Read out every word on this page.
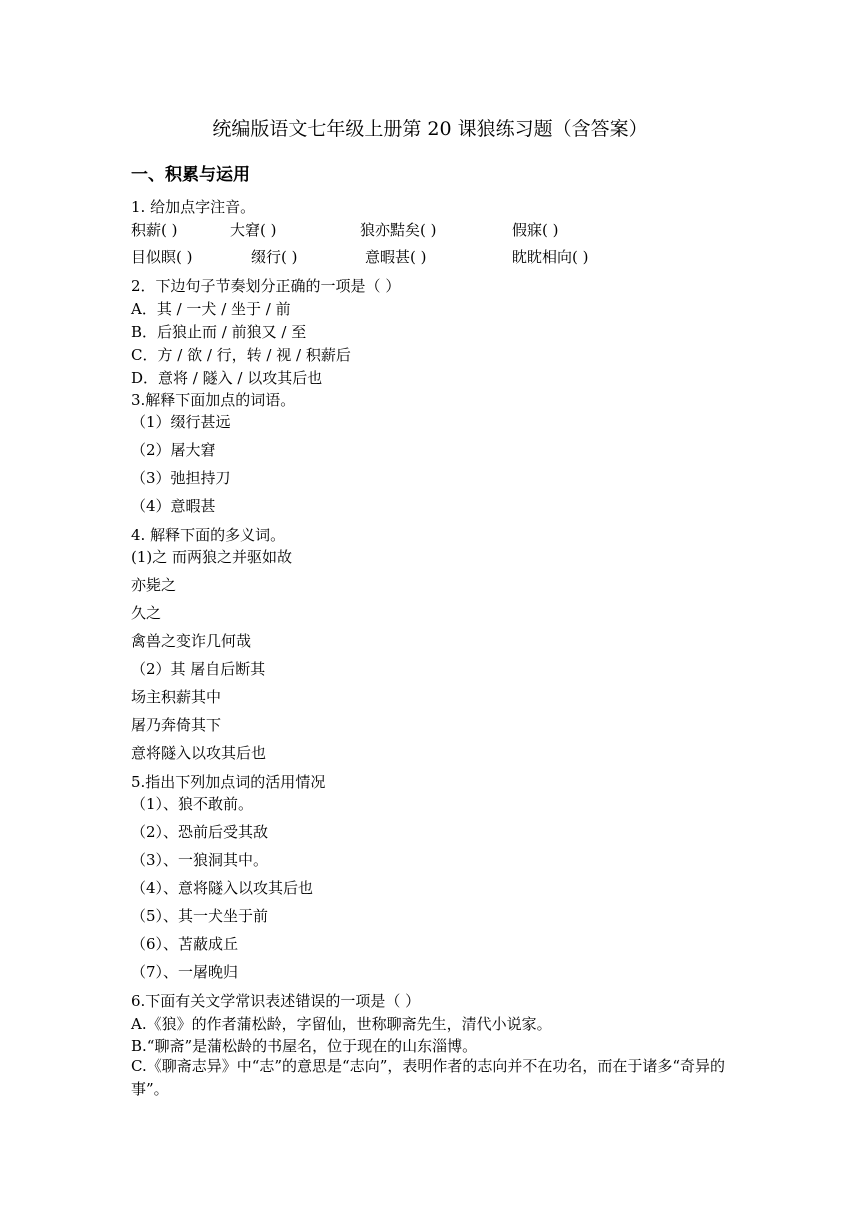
统编版语文七年级上册第 20 课狼练习题（含答案）
一、积累与运用
1. 给加点字注音。
积薪( )	大窘( )	狼亦黠矣( )	假寐( )
目似瞑( )	缀行( )	意暇甚( )	眈眈相向( )
2．下边句子节奏划分正确的一项是（ ）
A．其 / 一犬 / 坐于 / 前
B．后狼止而 / 前狼又 / 至
C．方 / 欲 / 行，转 / 视 / 积薪后
D．意将 / 隧入 / 以攻其后也
3.解释下面加点的词语。
（1）缀行甚远
（2）屠大窘
（3）弛担持刀
（4）意暇甚
4. 解释下面的多义词。
(1)之 而两狼之并驱如故
亦毙之
久之
禽兽之变诈几何哉
（2）其 屠自后断其
场主积薪其中
屠乃奔倚其下
意将隧入以攻其后也
5.指出下列加点词的活用情况
（1）、狼不敢前。
（2）、恐前后受其敌
（3）、一狼洞其中。
（4）、意将隧入以攻其后也
（5）、其一犬坐于前
（6）、苫蔽成丘
（7）、一屠晚归
6.下面有关文学常识表述错误的一项是（ ）
A.《狼》的作者蒲松龄，字留仙，世称聊斋先生，清代小说家。
B.“聊斋”是蒲松龄的书屋名，位于现在的山东淄博。
C.《聊斋志异》中“志”的意思是“志向”，表明作者的志向并不在功名，而在于诸多“奇异的事”。
